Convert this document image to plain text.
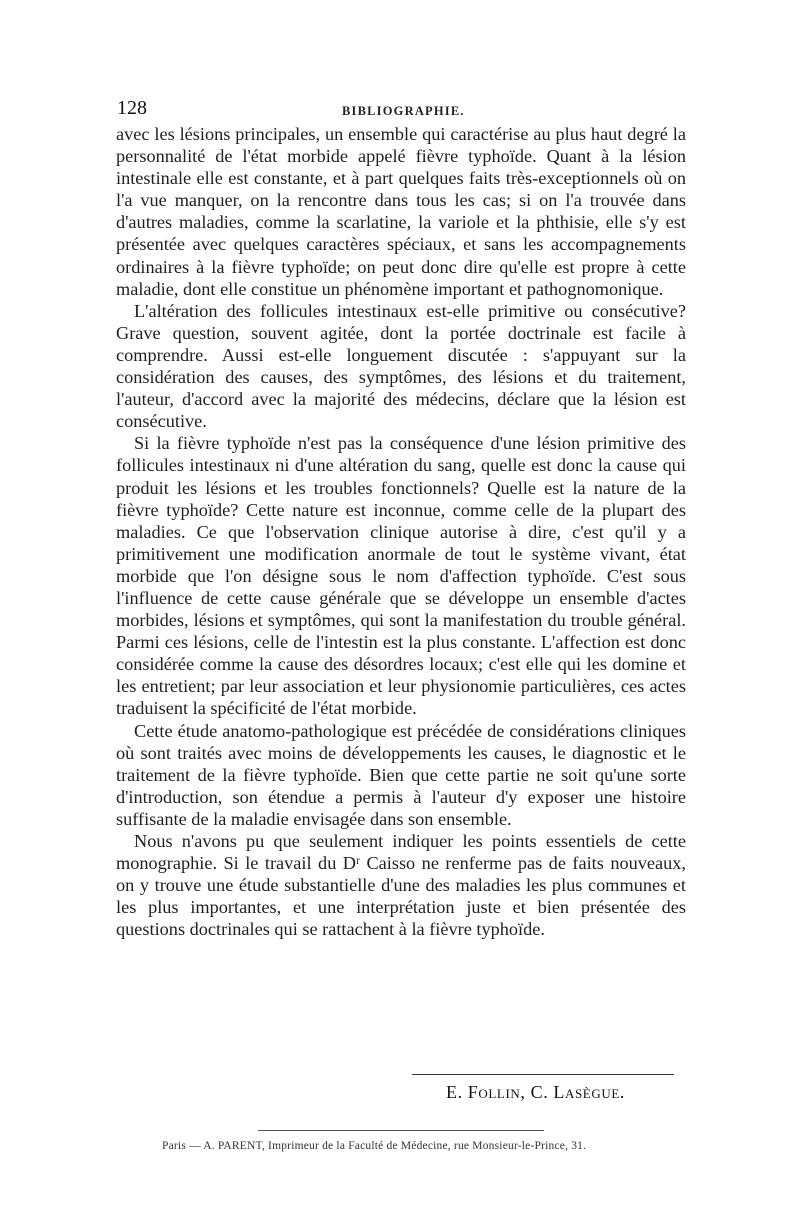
128	BIBLIOGRAPHIE.

avec les lésions principales, un ensemble qui caractérise au plus haut degré la personnalité de l'état morbide appelé fièvre typhoïde. Quant à la lésion intestinale elle est constante, et à part quelques faits très-exceptionnels où on l'a vue manquer, on la rencontre dans tous les cas; si on l'a trouvée dans d'autres maladies, comme la scarlatine, la variole et la phthisie, elle s'y est présentée avec quelques caractères spéciaux, et sans les accompagnements ordinaires à la fièvre typhoïde; on peut donc dire qu'elle est propre à cette maladie, dont elle constitue un phénomène important et pathognomonique.

L'altération des follicules intestinaux est-elle primitive ou consécutive? Grave question, souvent agitée, dont la portée doctrinale est facile à comprendre. Aussi est-elle longuement discutée : s'appuyant sur la considération des causes, des symptômes, des lésions et du traitement, l'auteur, d'accord avec la majorité des médecins, déclare que la lésion est consécutive.

Si la fièvre typhoïde n'est pas la conséquence d'une lésion primitive des follicules intestinaux ni d'une altération du sang, quelle est donc la cause qui produit les lésions et les troubles fonctionnels? Quelle est la nature de la fièvre typhoïde? Cette nature est inconnue, comme celle de la plupart des maladies. Ce que l'observation clinique autorise à dire, c'est qu'il y a primitivement une modification anormale de tout le système vivant, état morbide que l'on désigne sous le nom d'affection typhoïde. C'est sous l'influence de cette cause générale que se développe un ensemble d'actes morbides, lésions et symptômes, qui sont la manifestation du trouble général. Parmi ces lésions, celle de l'intestin est la plus constante. L'affection est donc considérée comme la cause des désordres locaux; c'est elle qui les domine et les entretient; par leur association et leur physionomie particulières, ces actes traduisent la spécificité de l'état morbide.

Cette étude anatomo-pathologique est précédée de considérations cliniques où sont traités avec moins de développements les causes, le diagnostic et le traitement de la fièvre typhoïde. Bien que cette partie ne soit qu'une sorte d'introduction, son étendue a permis à l'auteur d'y exposer une histoire suffisante de la maladie envisagée dans son ensemble.

Nous n'avons pu que seulement indiquer les points essentiels de cette monographie. Si le travail du Dʳ Caisso ne renferme pas de faits nouveaux, on y trouve une étude substantielle d'une des maladies les plus communes et les plus importantes, et une interprétation juste et bien présentée des questions doctrinales qui se rattachent à la fièvre typhoïde.

E. Follin, C. Lasègue.
Paris — A. PARENT, Imprimeur de la Faculté de Médecine, rue Monsieur-le-Prince, 31.
